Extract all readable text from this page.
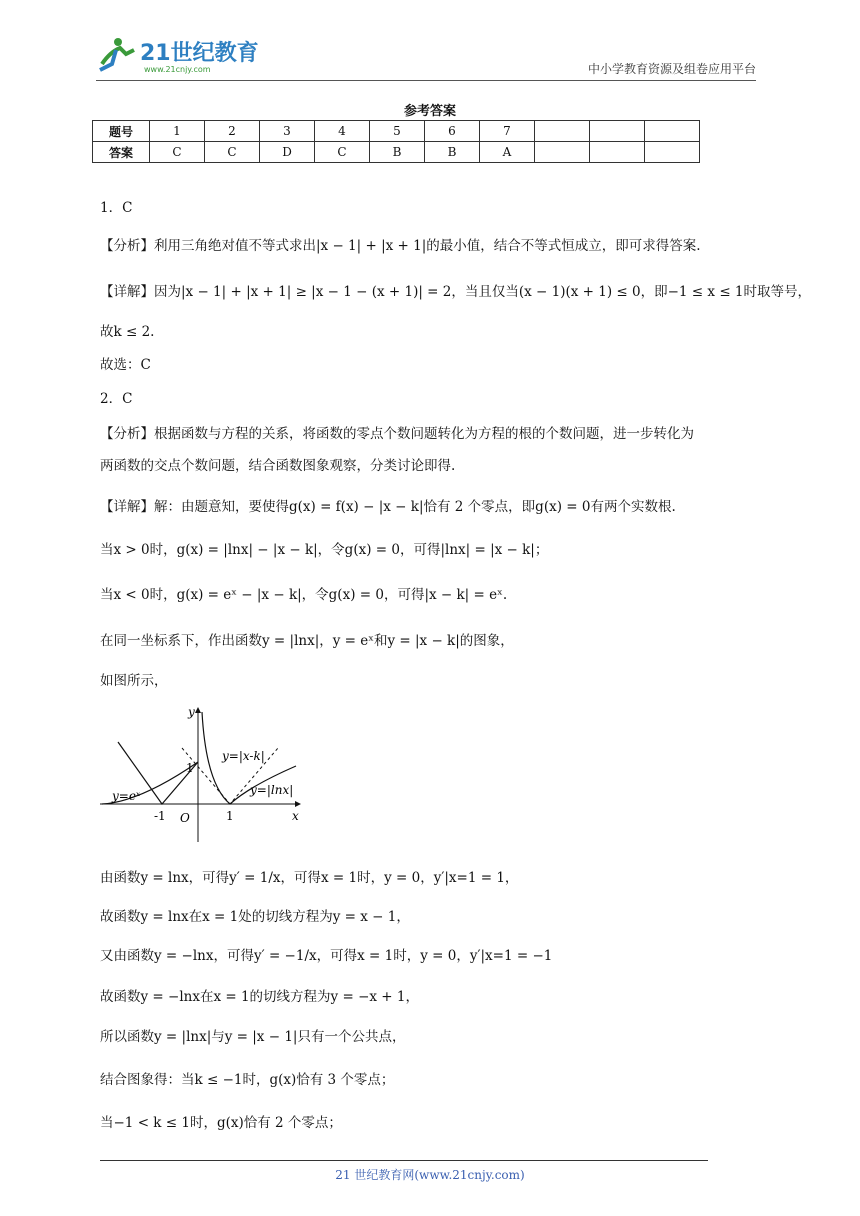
21世纪教育
www.21cnjy.com	中小学教育资源及组卷应用平台
参考答案
题号	1	2	3	4	5	6	7			
答案	C	C	D	C	B	B	A			
1．C
【分析】利用三角绝对值不等式求出|x − 1| + |x + 1|的最小值，结合不等式恒成立，即可求得答案.
【详解】因为|x − 1| + |x + 1| ≥ |x − 1 − (x + 1)| = 2，当且仅当(x − 1)(x + 1) ≤ 0，即−1 ≤ x ≤ 1时取等号，
故k ≤ 2.
故选：C
2．C
【分析】根据函数与方程的关系，将函数的零点个数问题转化为方程的根的个数问题，进一步转化为
两函数的交点个数问题，结合函数图象观察，分类讨论即得.
【详解】解：由题意知，要使得g(x) = f(x) − |x − k|恰有 2 个零点，即g(x) = 0有两个实数根.
当x > 0时，g(x) = |lnx| − |x − k|，令g(x) = 0，可得|lnx| = |x − k|；
当x < 0时，g(x) = eˣ − |x − k|，令g(x) = 0，可得|x − k| = eˣ.
在同一坐标系下，作出函数y = |lnx|，y = eˣ和y = |x − k|的图象，
如图所示，
y
x
O
1
-1	1
y=eˣ
y=|x-k|
y=|lnx|
由函数y = lnx，可得y′ = 1/x，可得x = 1时，y = 0，y′|x=1 = 1，
故函数y = lnx在x = 1处的切线方程为y = x − 1，
又由函数y = −lnx，可得y′ = −1/x，可得x = 1时，y = 0，y′|x=1 = −1
故函数y = −lnx在x = 1的切线方程为y = −x + 1，
所以函数y = |lnx|与y = |x − 1|只有一个公共点，
结合图象得：当k ≤ −1时，g(x)恰有 3 个零点；
当−1 < k ≤ 1时，g(x)恰有 2 个零点；
21 世纪教育网(www.21cnjy.com)
